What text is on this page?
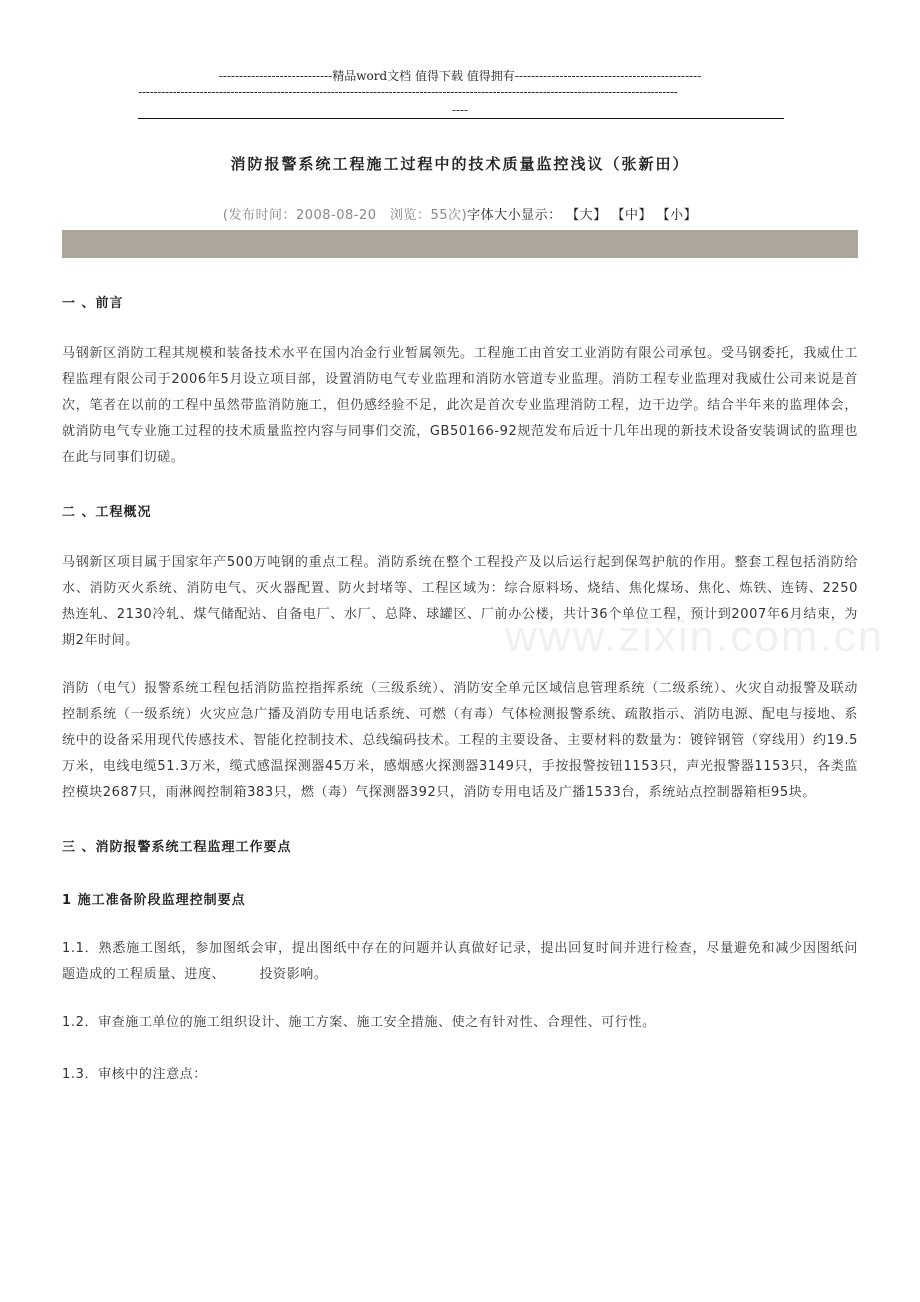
----------------------------精品word文档 值得下载 值得拥有----------------------------------------------
--------------------------------------------------------------------------------------------------------------------------------------------
----
消防报警系统工程施工过程中的技术质量监控浅议（张新田）
(发布时间：2008-08-20　浏览：55次)字体大小显示： 【大】 【中】 【小】
www.zixin.com.cn

一 、前言

马钢新区消防工程其规模和装备技术水平在国内冶金行业暂属领先。工程施工由首安工业消防有限公司承包。受马钢委托，我威仕工程监理有限公司于2006年5月设立项目部，设置消防电气专业监理和消防水管道专业监理。消防工程专业监理对我威仕公司来说是首次，笔者在以前的工程中虽然带监消防施工，但仍感经验不足，此次是首次专业监理消防工程，边干边学。结合半年来的监理体会，就消防电气专业施工过程的技术质量监控内容与同事们交流，GB50166-92规范发布后近十几年出现的新技术设备安装调试的监理也在此与同事们切磋。

二 、工程概况

马钢新区项目属于国家年产500万吨钢的重点工程。消防系统在整个工程投产及以后运行起到保驾护航的作用。整套工程包括消防给水、消防灭火系统、消防电气、灭火器配置、防火封堵等、工程区域为：综合原料场、烧结、焦化煤场、焦化、炼铁、连铸、2250热连轧、2130冷轧、煤气储配站、自备电厂、水厂、总降、球罐区、厂前办公楼，共计36个单位工程，预计到2007年6月结束，为期2年时间。

消防（电气）报警系统工程包括消防监控指挥系统（三级系统）、消防安全单元区域信息管理系统（二级系统）、火灾自动报警及联动控制系统（一级系统）火灾应急广播及消防专用电话系统、可燃（有毒）气体检测报警系统、疏散指示、消防电源、配电与接地、系统中的设备采用现代传感技术、智能化控制技术、总线编码技术。工程的主要设备、主要材料的数量为：镀锌钢管（穿线用）约19.5万米，电线电缆51.3万米，缆式感温探测器45万米，感烟感火探测器3149只，手按报警按钮1153只，声光报警器1153只，各类监控模块2687只，雨淋阀控制箱383只，燃（毒）气探测器392只，消防专用电话及广播1533台，系统站点控制器箱柜95块。

三 、消防报警系统工程监理工作要点

1 施工准备阶段监理控制要点

1.1．熟悉施工图纸，参加图纸会审，提出图纸中存在的问题并认真做好记录，提出回复时间并进行检查，尽量避免和减少因图纸问题造成的工程质量、进度、　　　投资影响。

1.2．审查施工单位的施工组织设计、施工方案、施工安全措施、使之有针对性、合理性、可行性。

1.3．审核中的注意点：
